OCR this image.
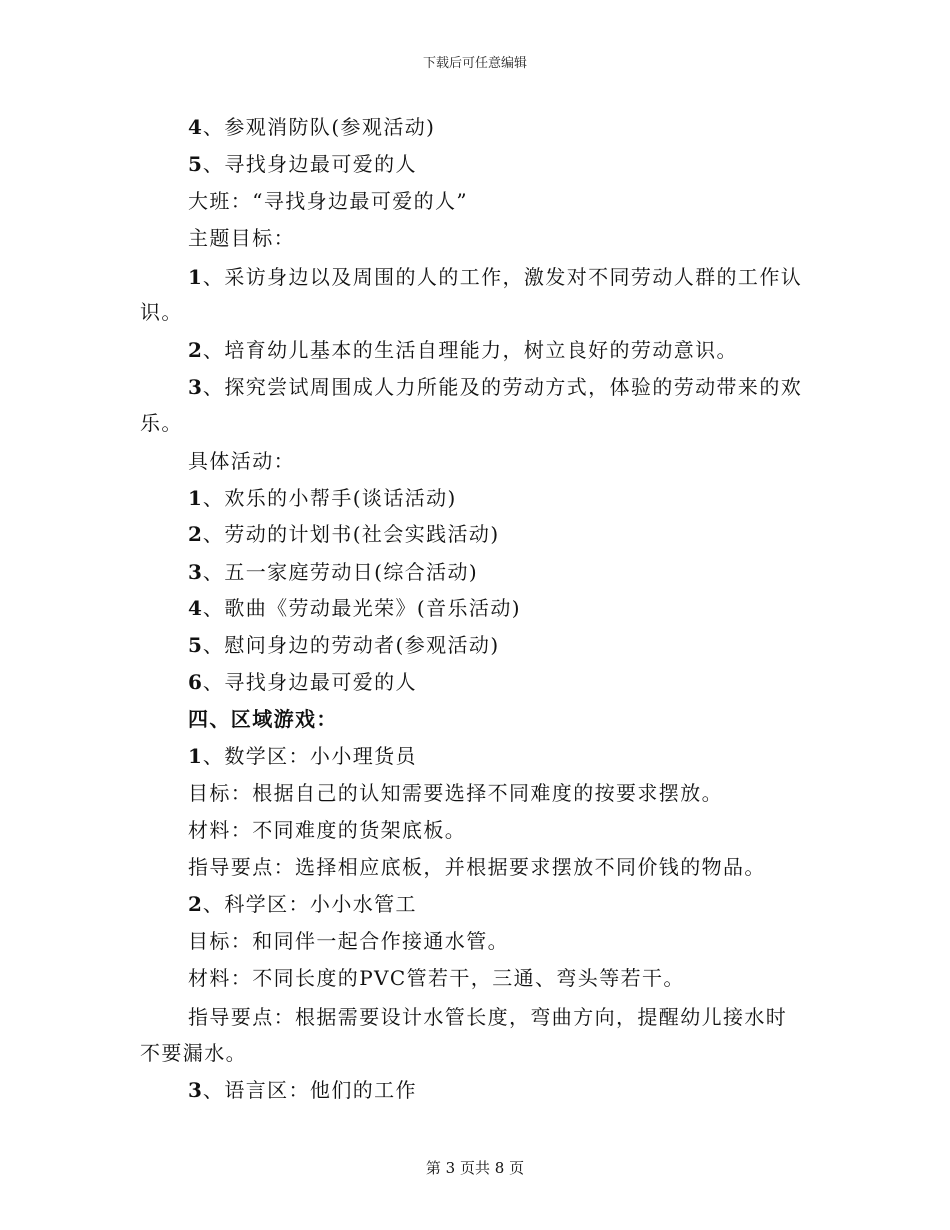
下载后可任意编辑
4、参观消防队(参观活动)
5、寻找身边最可爱的人
大班：“寻找身边最可爱的人”
主题目标：
1、采访身边以及周围的人的工作，激发对不同劳动人群的工作认
识。
2、培育幼儿基本的生活自理能力，树立良好的劳动意识。
3、探究尝试周围成人力所能及的劳动方式，体验的劳动带来的欢
乐。
具体活动：
1、欢乐的小帮手(谈话活动)
2、劳动的计划书(社会实践活动)
3、五一家庭劳动日(综合活动)
4、歌曲《劳动最光荣》(音乐活动)
5、慰问身边的劳动者(参观活动)
6、寻找身边最可爱的人
四、区域游戏：
1、数学区：小小理货员
目标：根据自己的认知需要选择不同难度的按要求摆放。
材料：不同难度的货架底板。
指导要点：选择相应底板，并根据要求摆放不同价钱的物品。
2、科学区：小小水管工
目标：和同伴一起合作接通水管。
材料：不同长度的PVC管若干，三通、弯头等若干。
指导要点：根据需要设计水管长度，弯曲方向，提醒幼儿接水时
不要漏水。
3、语言区：他们的工作
第 3 页共 8 页
